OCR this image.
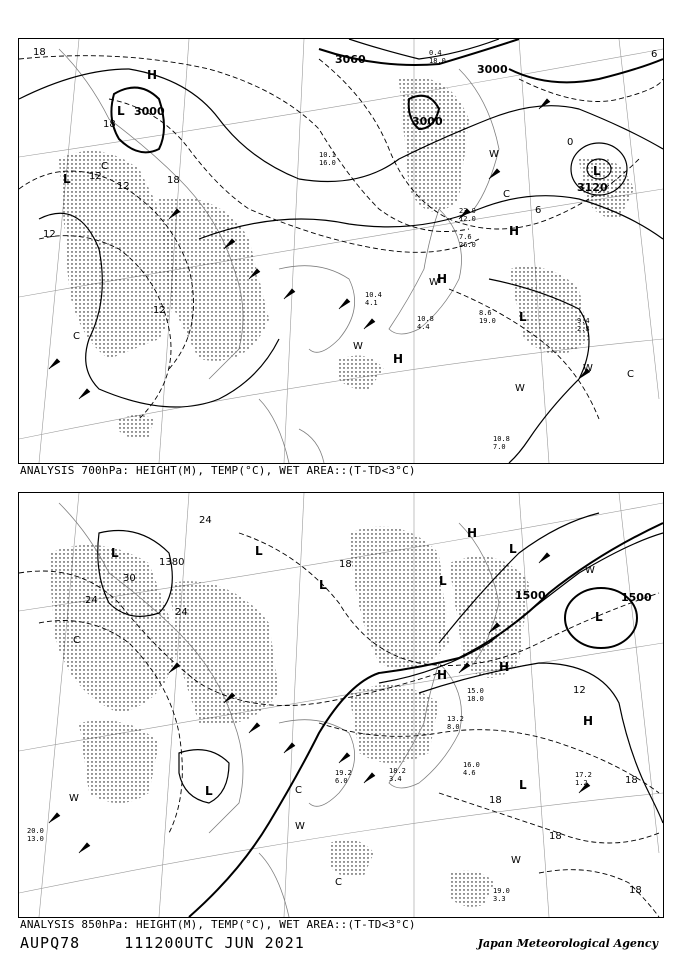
3000
3060
3000
3000
3120
18
18
18
12
12
12
12
6
0
6
H
L
L
H
H
L
L
H
C
C
C
C
W
W
W
W
W
0.4
18.0
10.1
16.0
8.6
19.0
10.8
4.4
9.4
2.8
7.6
26.0
23.0
12.0
10.8
7.0
10.4
4.1
ANALYSIS 700hPa: HEIGHT(M), TEMP(°C), WET AREA::(T-TD<3°C)
1500	1500
1380
30
24
24
18
18
18
18
12
18
24
L	L
L	L
L
H
H
H
H
L	L
L
C
C
C
W
W
W
W
15.0
18.0
13.2
8.0
16.0
4.6	17.2
1.2
19.0
3.3
18.2
3.4
19.2
6.0
20.0
13.0
ANALYSIS 850hPa: HEIGHT(M), TEMP(°C), WET AREA::(T-TD<3°C)
AUPQ78	111200UTC JUN 2021	Japan Meteorological Agency
